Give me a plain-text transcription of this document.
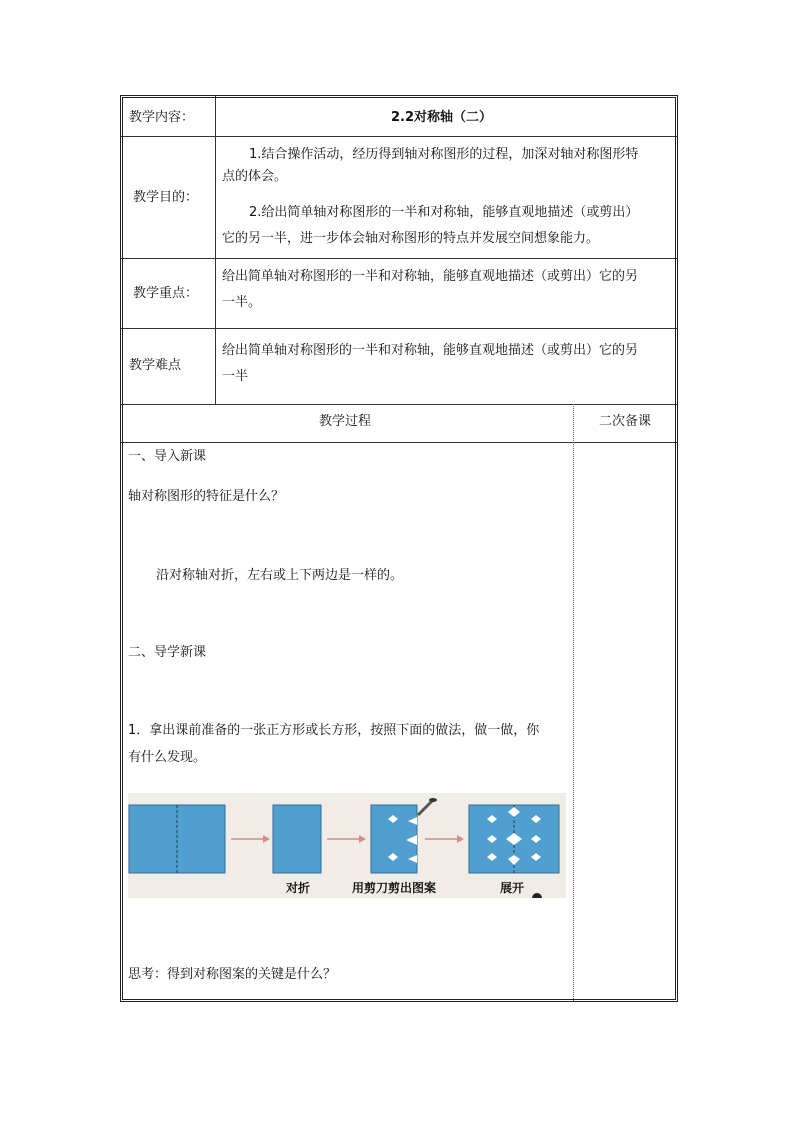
教学内容：	2.2对称轴（二）
教学目的：
1.结合操作活动，经历得到轴对称图形的过程，加深对轴对称图形特
点的体会。
2.给出简单轴对称图形的一半和对称轴，能够直观地描述（或剪出）
它的另一半，进一步体会轴对称图形的特点并发展空间想象能力。
教学重点：
给出简单轴对称图形的一半和对称轴，能够直观地描述（或剪出）它的另
一半。
教学难点
给出简单轴对称图形的一半和对称轴，能够直观地描述（或剪出）它的另
一半
教学过程	二次备课
一、导入新课
轴对称图形的特征是什么？
沿对称轴对折，左右或上下两边是一样的。
二、导学新课
1．拿出课前准备的一张正方形或长方形，按照下面的做法，做一做，你
有什么发现。
对折	用剪刀剪出图案	展开
思考：得到对称图案的关键是什么？
